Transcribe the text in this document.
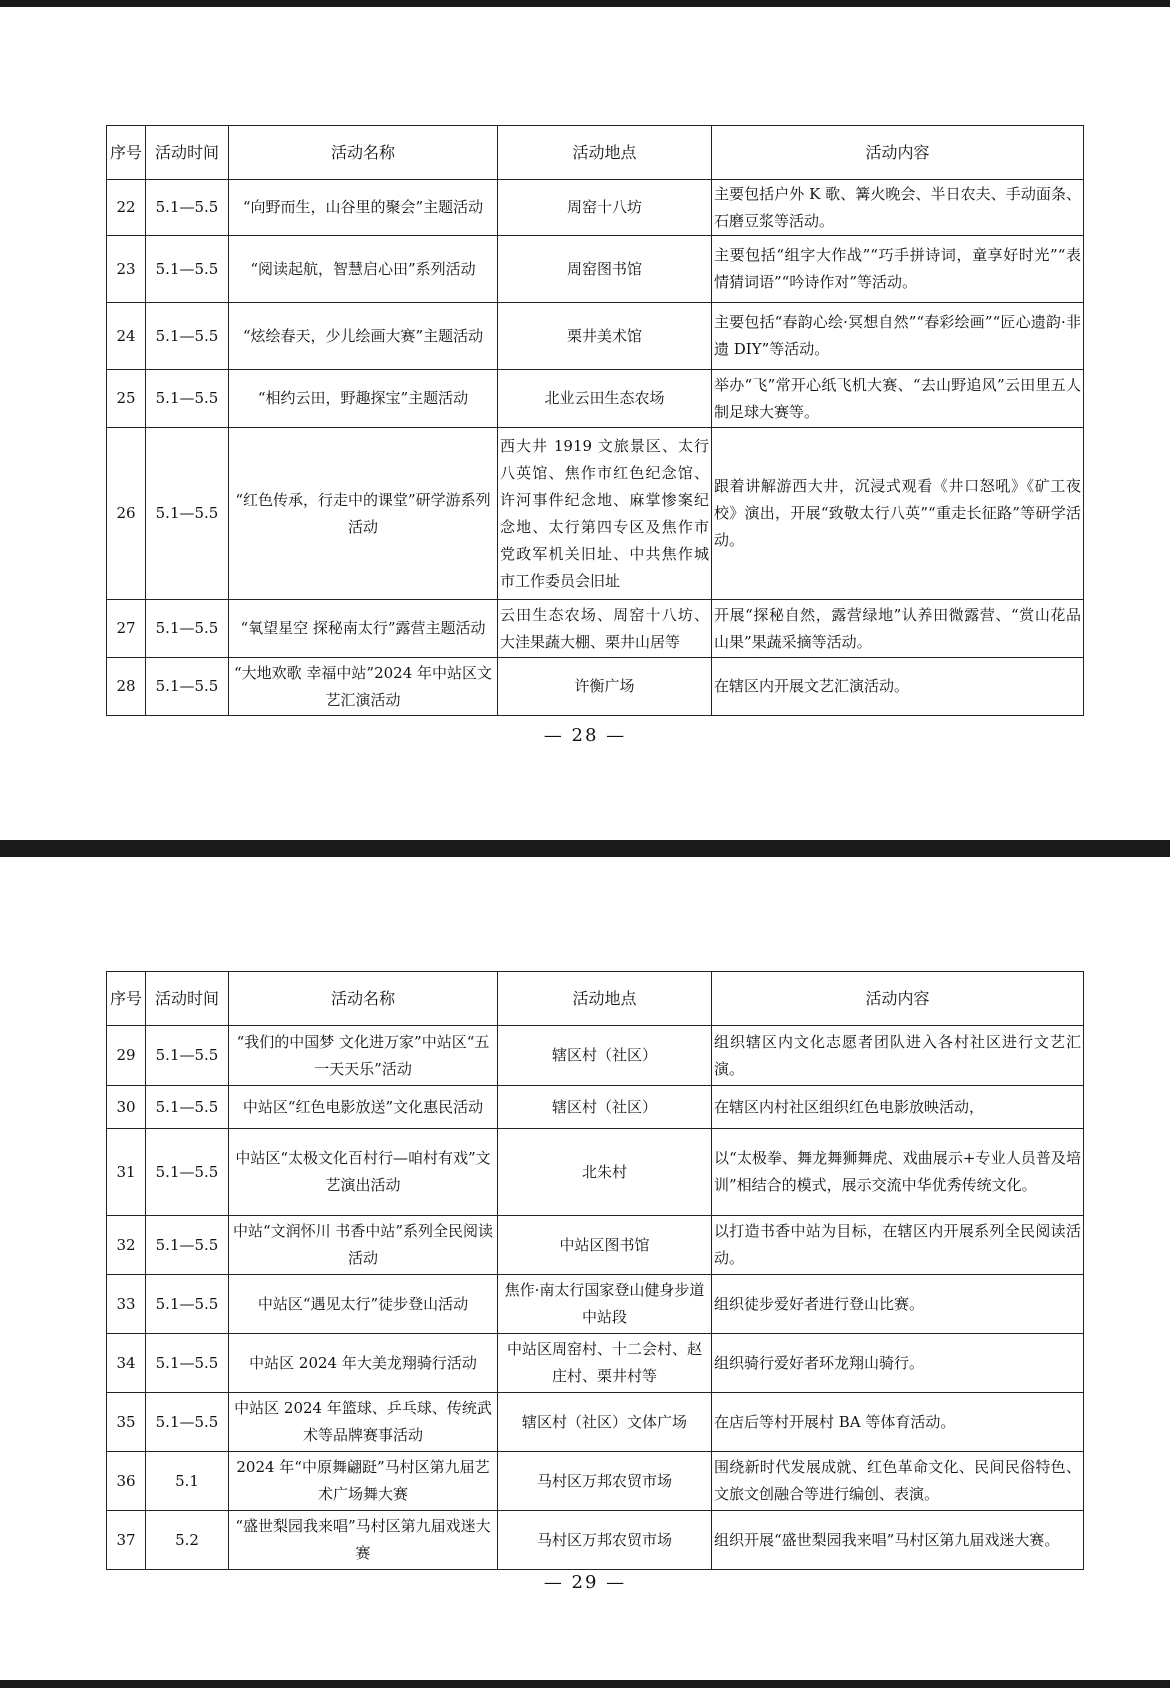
序号	活动时间	活动名称	活动地点	活动内容
22	5.1—5.5	“向野而生，山谷里的聚会”主题活动	周窑十八坊	主要包括户外 K 歌、篝火晚会、半日农夫、手动面条、石磨豆浆等活动。
23	5.1—5.5	“阅读起航，智慧启心田”系列活动	周窑图书馆	主要包括“组字大作战”“巧手拼诗词，童享好时光”“表情猜词语”“吟诗作对”等活动。
24	5.1—5.5	“炫绘春天，少儿绘画大赛”主题活动	栗井美术馆	主要包括“春韵心绘·冥想自然”“春彩绘画”“匠心遗韵·非遗 DIY”等活动。
25	5.1—5.5	“相约云田，野趣探宝”主题活动	北业云田生态农场	举办“飞”常开心纸飞机大赛、“去山野追风”云田里五人制足球大赛等。
26	5.1—5.5	“红色传承，行走中的课堂”研学游系列活动	西大井 1919 文旅景区、太行八英馆、焦作市红色纪念馆、许河事件纪念地、麻掌惨案纪念地、太行第四专区及焦作市党政军机关旧址、中共焦作城市工作委员会旧址	跟着讲解游西大井，沉浸式观看《井口怒吼》《矿工夜校》演出，开展“致敬太行八英”“重走长征路”等研学活动。
27	5.1—5.5	“氧望星空 探秘南太行”露营主题活动	云田生态农场、周窑十八坊、大洼果蔬大棚、栗井山居等	开展“探秘自然，露营绿地”认养田微露营、“赏山花品山果”果蔬采摘等活动。
28	5.1—5.5	“大地欢歌 幸福中站”2024 年中站区文艺汇演活动	许衡广场	在辖区内开展文艺汇演活动。
— 28 —
序号	活动时间	活动名称	活动地点	活动内容
29	5.1—5.5	“我们的中国梦 文化进万家”中站区“五一天天乐”活动	辖区村（社区）	组织辖区内文化志愿者团队进入各村社区进行文艺汇演。
30	5.1—5.5	中站区“红色电影放送”文化惠民活动	辖区村（社区）	在辖区内村社区组织红色电影放映活动，
31	5.1—5.5	中站区“太极文化百村行—咱村有戏”文艺演出活动	北朱村	以“太极拳、舞龙舞狮舞虎、戏曲展示+专业人员普及培训”相结合的模式，展示交流中华优秀传统文化。
32	5.1—5.5	中站“文润怀川 书香中站”系列全民阅读活动	中站区图书馆	以打造书香中站为目标，在辖区内开展系列全民阅读活动。
33	5.1—5.5	中站区“遇见太行”徒步登山活动	焦作·南太行国家登山健身步道中站段	组织徒步爱好者进行登山比赛。
34	5.1—5.5	中站区 2024 年大美龙翔骑行活动	中站区周窑村、十二会村、赵庄村、栗井村等	组织骑行爱好者环龙翔山骑行。
35	5.1—5.5	中站区 2024 年篮球、乒乓球、传统武术等品牌赛事活动	辖区村（社区）文体广场	在店后等村开展村 BA 等体育活动。
36	5.1	2024 年“中原舞翩跹”马村区第九届艺术广场舞大赛	马村区万邦农贸市场	围绕新时代发展成就、红色革命文化、民间民俗特色、文旅文创融合等进行编创、表演。
37	5.2	“盛世梨园我来唱”马村区第九届戏迷大赛	马村区万邦农贸市场	组织开展“盛世梨园我来唱”马村区第九届戏迷大赛。
— 29 —
